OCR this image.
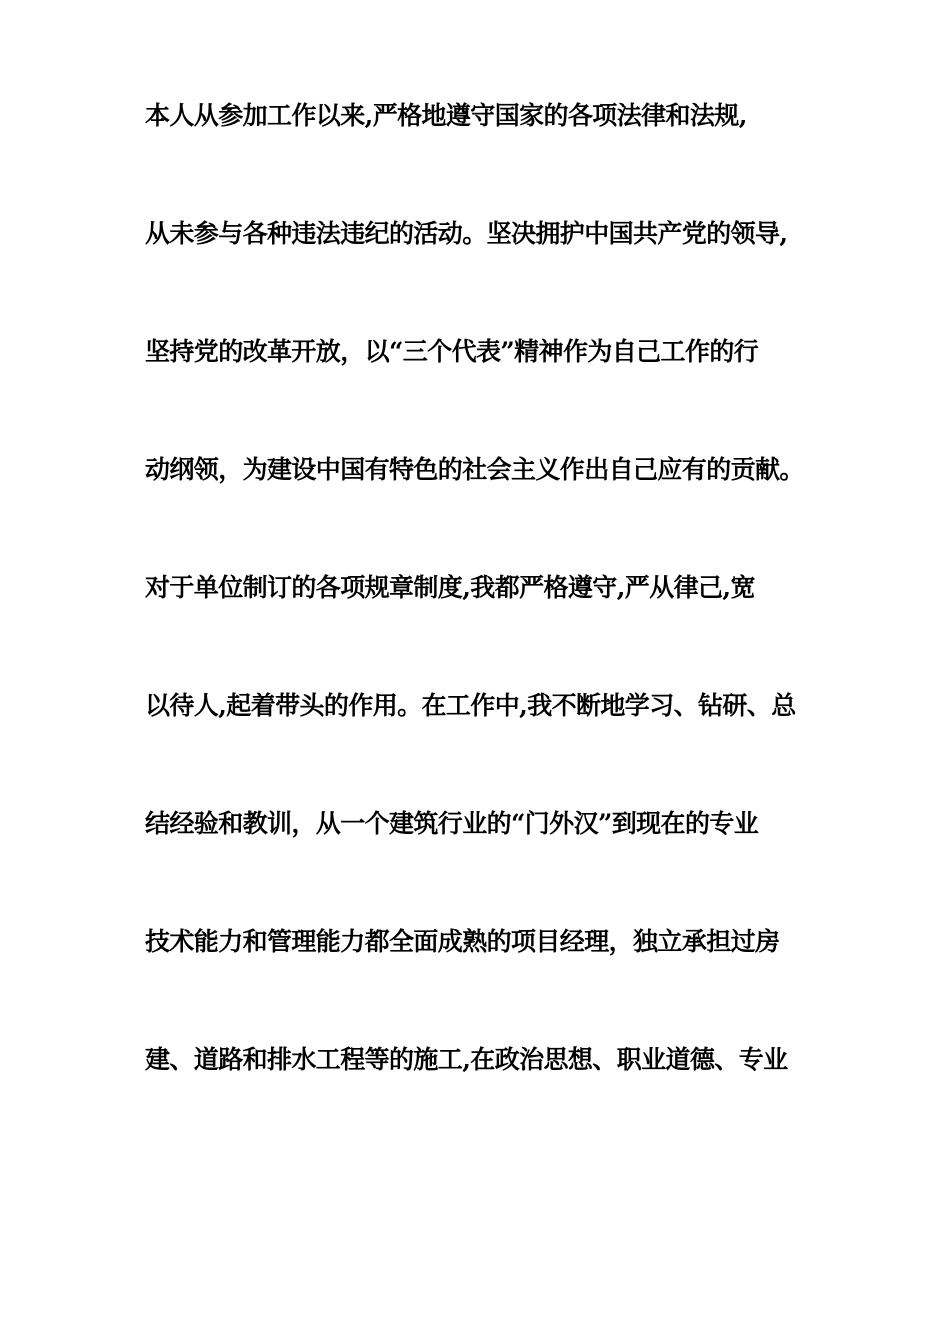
本人从参加工作以来,严格地遵守国家的各项法律和法规,

从未参与各种违法违纪的活动。坚决拥护中国共产党的领导,

坚持党的改革开放，以“三个代表”精神作为自己工作的行

动纲领，为建设中国有特色的社会主义作出自己应有的贡献。

对于单位制订的各项规章制度,我都严格遵守,严从律己,宽

以待人,起着带头的作用。在工作中,我不断地学习、钻研、总

结经验和教训，从一个建筑行业的“门外汉”到现在的专业

技术能力和管理能力都全面成熟的项目经理，独立承担过房

建、道路和排水工程等的施工,在政治思想、职业道德、专业
